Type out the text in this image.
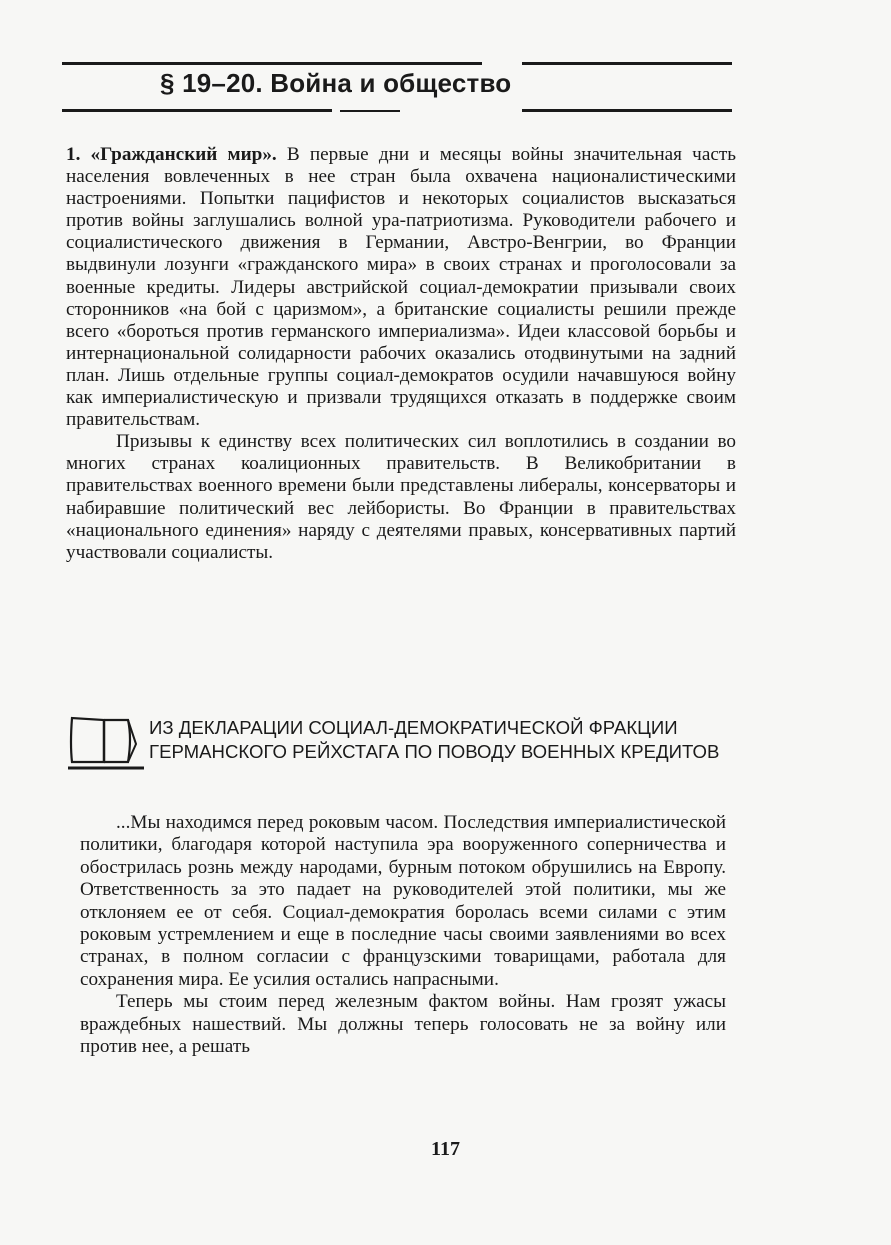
§ 19–20. Война и общество

1. «Гражданский мир». В первые дни и месяцы войны значительная часть населения вовлеченных в нее стран была охвачена националистическими настроениями. Попытки пацифистов и некоторых социалистов высказаться против войны заглушались волной ура-патриотизма. Руководители рабочего и социалистического движения в Германии, Австро-Венгрии, во Франции выдвинули лозунги «гражданского мира» в своих странах и проголосовали за военные кредиты. Лидеры австрийской социал-демократии призывали своих сторонников «на бой с царизмом», а британские социалисты решили прежде всего «бороться против германского империализма». Идеи классовой борьбы и интернациональной солидарности рабочих оказались отодвинутыми на задний план. Лишь отдельные группы социал-демократов осудили начавшуюся войну как империалистическую и призвали трудящихся отказать в поддержке своим правительствам.

Призывы к единству всех политических сил воплотились в создании во многих странах коалиционных правительств. В Великобритании в правительствах военного времени были представлены либералы, консерваторы и набиравшие политический вес лейбористы. Во Франции в правительствах «национального единения» наряду с деятелями правых, консервативных партий участвовали социалисты.

ИЗ ДЕКЛАРАЦИИ СОЦИАЛ-ДЕМОКРАТИЧЕСКОЙ ФРАКЦИИ ГЕРМАНСКОГО РЕЙХСТАГА ПО ПОВОДУ ВОЕННЫХ КРЕДИТОВ

...Мы находимся перед роковым часом. Последствия империалистической политики, благодаря которой наступила эра вооруженного соперничества и обострилась рознь между народами, бурным потоком обрушились на Европу. Ответственность за это падает на руководителей этой политики, мы же отклоняем ее от себя. Социал-демократия боролась всеми силами с этим роковым устремлением и еще в последние часы своими заявлениями во всех странах, в полном согласии с французскими товарищами, работала для сохранения мира. Ее усилия остались напрасными.

Теперь мы стоим перед железным фактом войны. Нам грозят ужасы враждебных нашествий. Мы должны теперь голосовать не за войну или против нее, а решать

117
